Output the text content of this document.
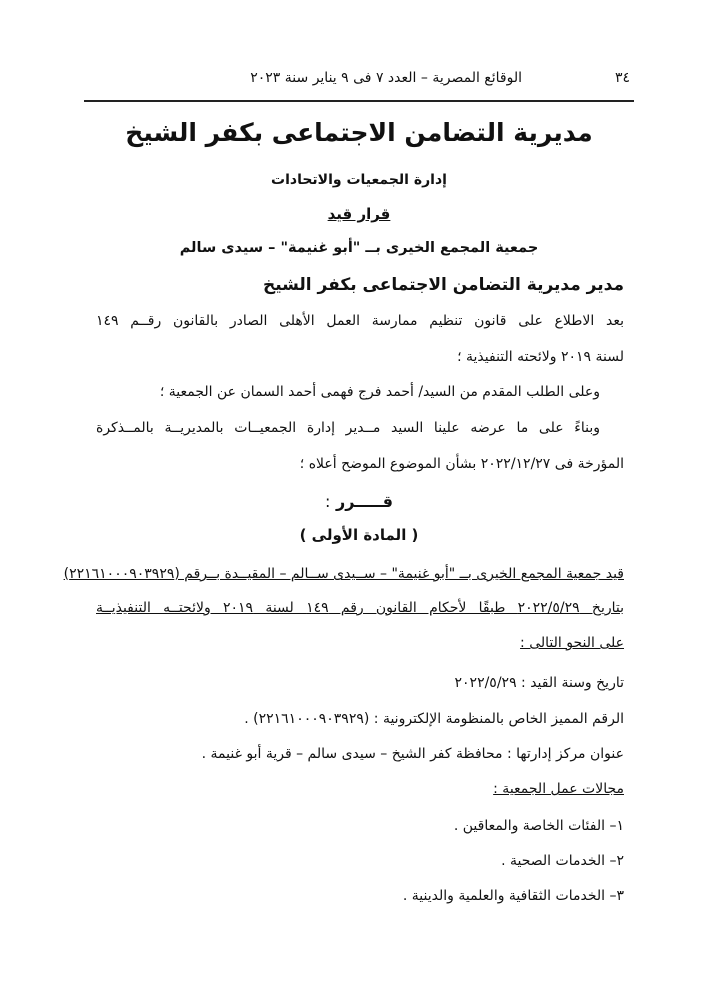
٣٤
الوقائع المصرية – العدد ٧ فى ٩ يناير سنة ٢٠٢٣
مديرية التضامن الاجتماعى بكفر الشيخ
إدارة الجمعيات والاتحادات
قرار قيد
جمعية المجمع الخيرى بــ "أبو غنيمة" – سيدى سالم
مدير مديرية التضامن الاجتماعى بكفر الشيخ
بعد الاطلاع على قانون تنظيم ممارسة العمل الأهلى الصادر بالقانون رقــم ١٤٩
لسنة ٢٠١٩ ولائحته التنفيذية ؛
وعلى الطلب المقدم من السيد/ أحمد فرج فهمى أحمد السمان عن الجمعية ؛
وبناءً على ما عرضه علينا السيد مــدير إدارة الجمعيــات بالمديريــة بالمــذكرة
المؤرخة فى ٢٠٢٢/١٢/٢٧ بشأن الموضوع الموضح أعلاه ؛
قـــــرر :
( المادة الأولى )
قيد جمعية المجمع الخيرى بــ "أبو غنيمة" – ســيدى ســالم – المقيــدة بــرقم (٢٢١٦١٠٠٠٩٠٣٩٢٩)
بتاريخ ٢٠٢٢/٥/٢٩ طبقًا لأحكام القانون رقم ١٤٩ لسنة ٢٠١٩ ولائحتــه التنفيذيــة
على النحو التالى :
تاريخ وسنة القيد : ٢٠٢٢/٥/٢٩
الرقم المميز الخاص بالمنظومة الإلكترونية : (٢٢١٦١٠٠٠٩٠٣٩٢٩) .
عنوان مركز إدارتها : محافظة كفر الشيخ – سيدى سالم – قرية أبو غنيمة .
مجالات عمل الجمعية :
١– الفئات الخاصة والمعاقين .
٢– الخدمات الصحية .
٣– الخدمات الثقافية والعلمية والدينية .
